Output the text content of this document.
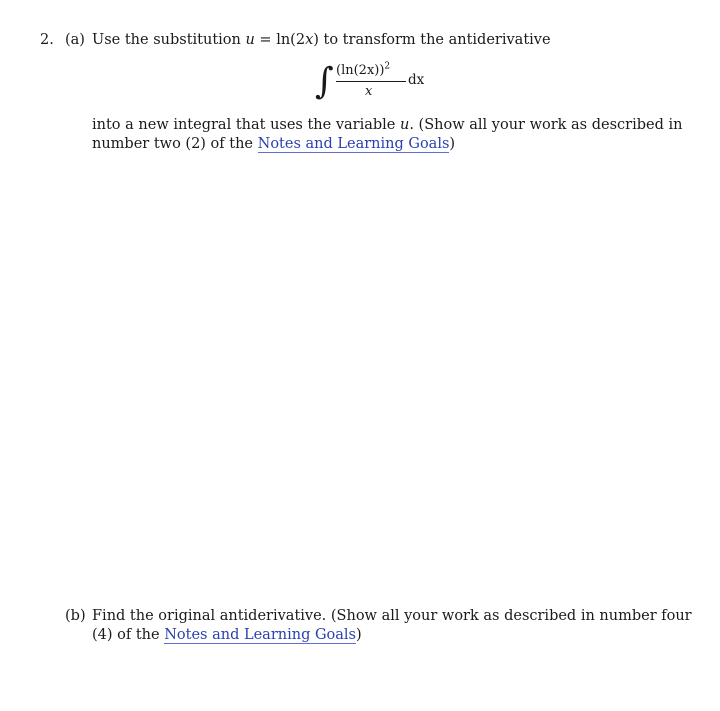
2. (a) Use the substitution u = ln(2x) to transform the antiderivative
∫ $(\ln(2x))^2$
x
dx
into a new integral that uses the variable u. (Show all your work as described in
number two (2) of the Notes and Learning Goals)
(b) Find the original antiderivative. (Show all your work as described in number four
(4) of the Notes and Learning Goals)
